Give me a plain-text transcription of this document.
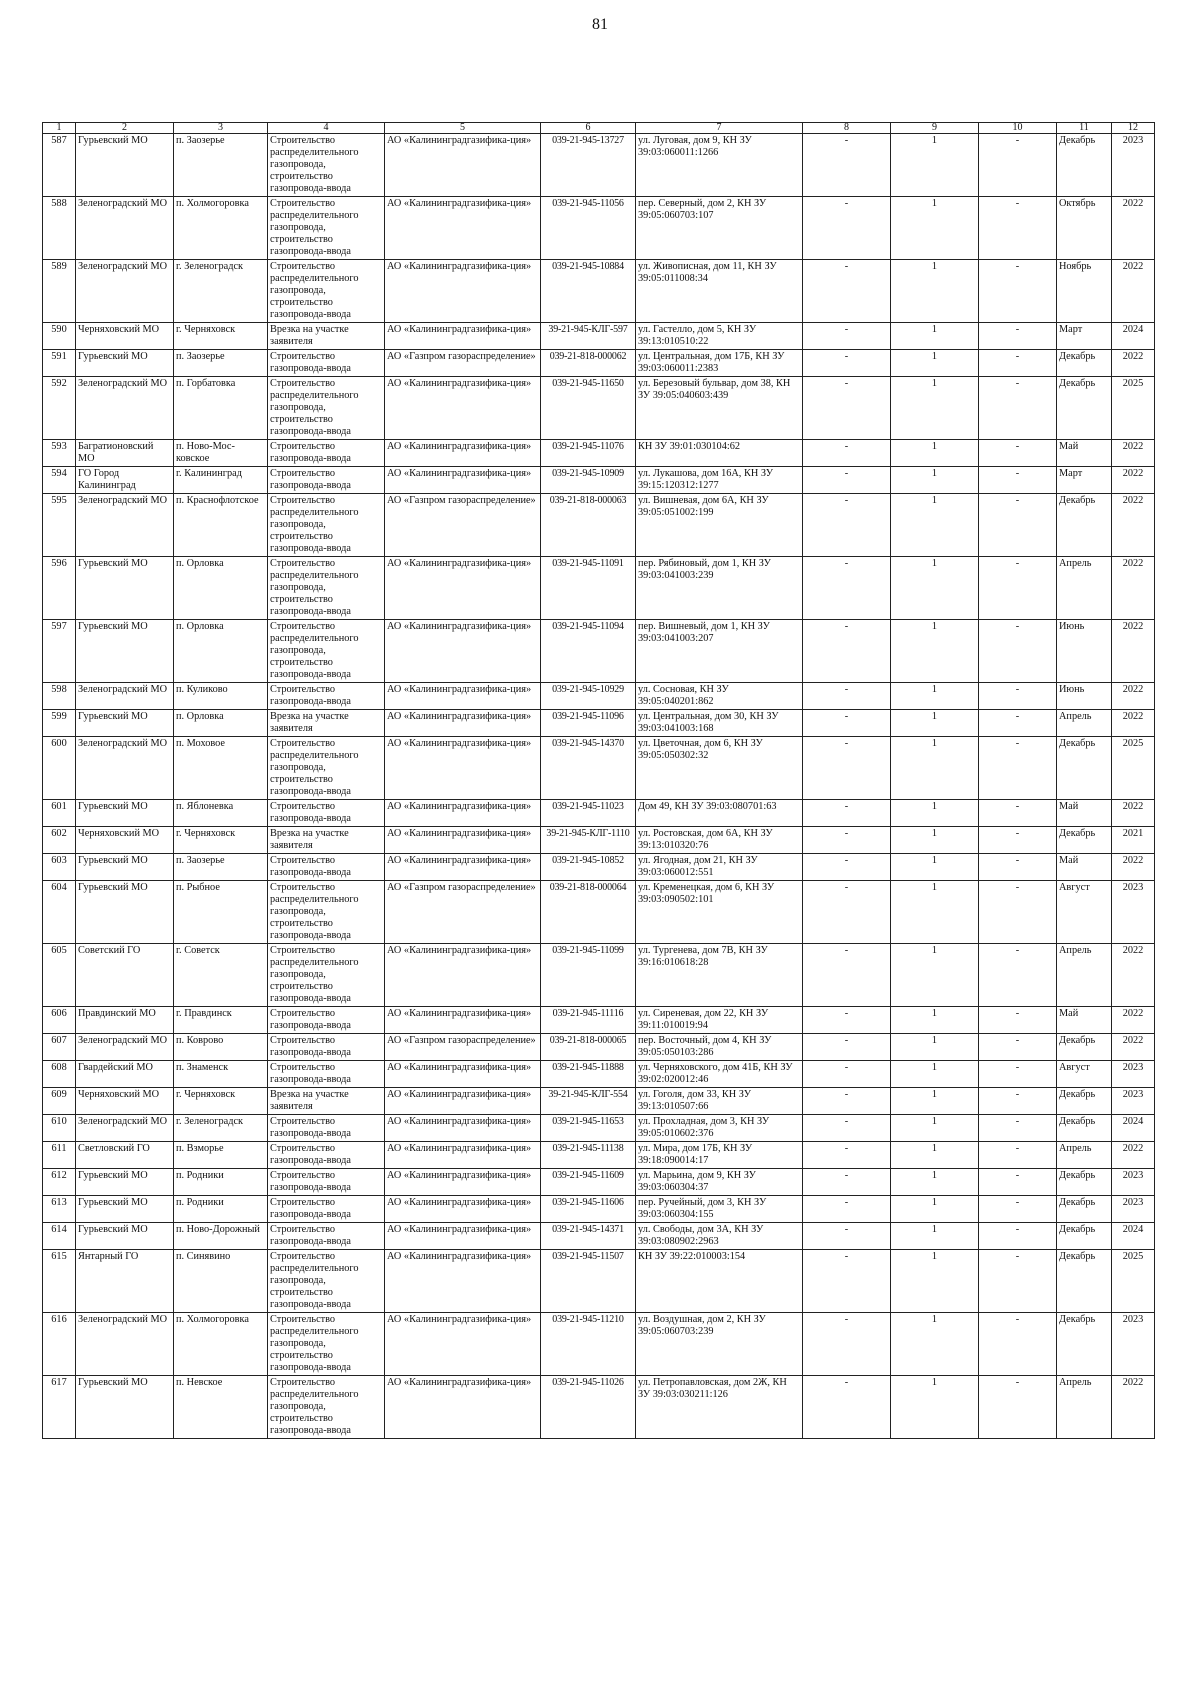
81
1	2	3	4	5	6	7	8	9	10	11	12
587	Гурьевский МО	п. Заозерье	Строительство распределительного газопровода, строительство газопровода-ввода	АО «Калининградгазифика-ция»	039-21-945-13727	ул. Луговая, дом 9, КН ЗУ 39:03:060011:1266	-	1	-	Декабрь	2023
588	Зеленоградский МО	п. Холмогоровка	Строительство распределительного газопровода, строительство газопровода-ввода	АО «Калининградгазифика-ция»	039-21-945-11056	пер. Северный, дом 2, КН ЗУ 39:05:060703:107	-	1	-	Октябрь	2022
589	Зеленоградский МО	г. Зеленоградск	Строительство распределительного газопровода, строительство газопровода-ввода	АО «Калининградгазифика-ция»	039-21-945-10884	ул. Живописная, дом 11, КН ЗУ 39:05:011008:34	-	1	-	Ноябрь	2022
590	Черняховский МО	г. Черняховск	Врезка на участке заявителя	АО «Калининградгазифика-ция»	39-21-945-КЛГ-597	ул. Гастелло, дом 5, КН ЗУ 39:13:010510:22	-	1	-	Март	2024
591	Гурьевский МО	п. Заозерье	Строительство газопровода-ввода	АО «Газпром газораспределение»	039-21-818-000062	ул. Центральная, дом 17Б, КН ЗУ 39:03:060011:2383	-	1	-	Декабрь	2022
592	Зеленоградский МО	п. Горбатовка	Строительство распределительного газопровода, строительство газопровода-ввода	АО «Калининградгазифика-ция»	039-21-945-11650	ул. Березовый бульвар, дом 38, КН ЗУ 39:05:040603:439	-	1	-	Декабрь	2025
593	Багратионовский МО	п. Ново-Мос-ковское	Строительство газопровода-ввода	АО «Калининградгазифика-ция»	039-21-945-11076	КН ЗУ 39:01:030104:62	-	1	-	Май	2022
594	ГО Город Калининград	г. Калининград	Строительство газопровода-ввода	АО «Калининградгазифика-ция»	039-21-945-10909	ул. Лукашова, дом 16А, КН ЗУ 39:15:120312:1277	-	1	-	Март	2022
595	Зеленоградский МО	п. Краснофлотское	Строительство распределительного газопровода, строительство газопровода-ввода	АО «Газпром газораспределение»	039-21-818-000063	ул. Вишневая, дом 6А, КН ЗУ 39:05:051002:199	-	1	-	Декабрь	2022
596	Гурьевский МО	п. Орловка	Строительство распределительного газопровода, строительство газопровода-ввода	АО «Калининградгазифика-ция»	039-21-945-11091	пер. Рябиновый, дом 1, КН ЗУ 39:03:041003:239	-	1	-	Апрель	2022
597	Гурьевский МО	п. Орловка	Строительство распределительного газопровода, строительство газопровода-ввода	АО «Калининградгазифика-ция»	039-21-945-11094	пер. Вишневый, дом 1, КН ЗУ 39:03:041003:207	-	1	-	Июнь	2022
598	Зеленоградский МО	п. Куликово	Строительство газопровода-ввода	АО «Калининградгазифика-ция»	039-21-945-10929	ул. Сосновая, КН ЗУ 39:05:040201:862	-	1	-	Июнь	2022
599	Гурьевский МО	п. Орловка	Врезка на участке заявителя	АО «Калининградгазифика-ция»	039-21-945-11096	ул. Центральная, дом 30, КН ЗУ 39:03:041003:168	-	1	-	Апрель	2022
600	Зеленоградский МО	п. Моховое	Строительство распределительного газопровода, строительство газопровода-ввода	АО «Калининградгазифика-ция»	039-21-945-14370	ул. Цветочная, дом 6, КН ЗУ 39:05:050302:32	-	1	-	Декабрь	2025
601	Гурьевский МО	п. Яблоневка	Строительство газопровода-ввода	АО «Калининградгазифика-ция»	039-21-945-11023	Дом 49, КН ЗУ 39:03:080701:63	-	1	-	Май	2022
602	Черняховский МО	г. Черняховск	Врезка на участке заявителя	АО «Калининградгазифика-ция»	39-21-945-КЛГ-1110	ул. Ростовская, дом 6А, КН ЗУ 39:13:010320:76	-	1	-	Декабрь	2021
603	Гурьевский МО	п. Заозерье	Строительство газопровода-ввода	АО «Калининградгазифика-ция»	039-21-945-10852	ул. Ягодная, дом 21, КН ЗУ 39:03:060012:551	-	1	-	Май	2022
604	Гурьевский МО	п. Рыбное	Строительство распределительного газопровода, строительство газопровода-ввода	АО «Газпром газораспределение»	039-21-818-000064	ул. Кременецкая, дом 6, КН ЗУ 39:03:090502:101	-	1	-	Август	2023
605	Советский ГО	г. Советск	Строительство распределительного газопровода, строительство газопровода-ввода	АО «Калининградгазифика-ция»	039-21-945-11099	ул. Тургенева, дом 7В, КН ЗУ 39:16:010618:28	-	1	-	Апрель	2022
606	Правдинский МО	г. Правдинск	Строительство газопровода-ввода	АО «Калининградгазифика-ция»	039-21-945-11116	ул. Сиреневая, дом 22, КН ЗУ 39:11:010019:94	-	1	-	Май	2022
607	Зеленоградский МО	п. Коврово	Строительство газопровода-ввода	АО «Газпром газораспределение»	039-21-818-000065	пер. Восточный, дом 4, КН ЗУ 39:05:050103:286	-	1	-	Декабрь	2022
608	Гвардейский МО	п. Знаменск	Строительство газопровода-ввода	АО «Калининградгазифика-ция»	039-21-945-11888	ул. Черняховского, дом 41Б, КН ЗУ 39:02:020012:46	-	1	-	Август	2023
609	Черняховский МО	г. Черняховск	Врезка на участке заявителя	АО «Калининградгазифика-ция»	39-21-945-КЛГ-554	ул. Гоголя, дом 33, КН ЗУ 39:13:010507:66	-	1	-	Декабрь	2023
610	Зеленоградский МО	г. Зеленоградск	Строительство газопровода-ввода	АО «Калининградгазифика-ция»	039-21-945-11653	ул. Прохладная, дом 3, КН ЗУ 39:05:010602:376	-	1	-	Декабрь	2024
611	Светловский ГО	п. Взморье	Строительство газопровода-ввода	АО «Калининградгазифика-ция»	039-21-945-11138	ул. Мира, дом 17Б, КН ЗУ 39:18:090014:17	-	1	-	Апрель	2022
612	Гурьевский МО	п. Родники	Строительство газопровода-ввода	АО «Калининградгазифика-ция»	039-21-945-11609	ул. Марьина, дом 9, КН ЗУ 39:03:060304:37	-	1	-	Декабрь	2023
613	Гурьевский МО	п. Родники	Строительство газопровода-ввода	АО «Калининградгазифика-ция»	039-21-945-11606	пер. Ручейный, дом 3, КН ЗУ 39:03:060304:155	-	1	-	Декабрь	2023
614	Гурьевский МО	п. Ново-Дорожный	Строительство газопровода-ввода	АО «Калининградгазифика-ция»	039-21-945-14371	ул. Свободы, дом 3А, КН ЗУ 39:03:080902:2963	-	1	-	Декабрь	2024
615	Янтарный ГО	п. Синявино	Строительство распределительного газопровода, строительство газопровода-ввода	АО «Калининградгазифика-ция»	039-21-945-11507	КН ЗУ 39:22:010003:154	-	1	-	Декабрь	2025
616	Зеленоградский МО	п. Холмогоровка	Строительство распределительного газопровода, строительство газопровода-ввода	АО «Калининградгазифика-ция»	039-21-945-11210	ул. Воздушная, дом 2, КН ЗУ 39:05:060703:239	-	1	-	Декабрь	2023
617	Гурьевский МО	п. Невское	Строительство распределительного газопровода, строительство газопровода-ввода	АО «Калининградгазифика-ция»	039-21-945-11026	ул. Петропавловская, дом 2Ж, КН ЗУ 39:03:030211:126	-	1	-	Апрель	2022
